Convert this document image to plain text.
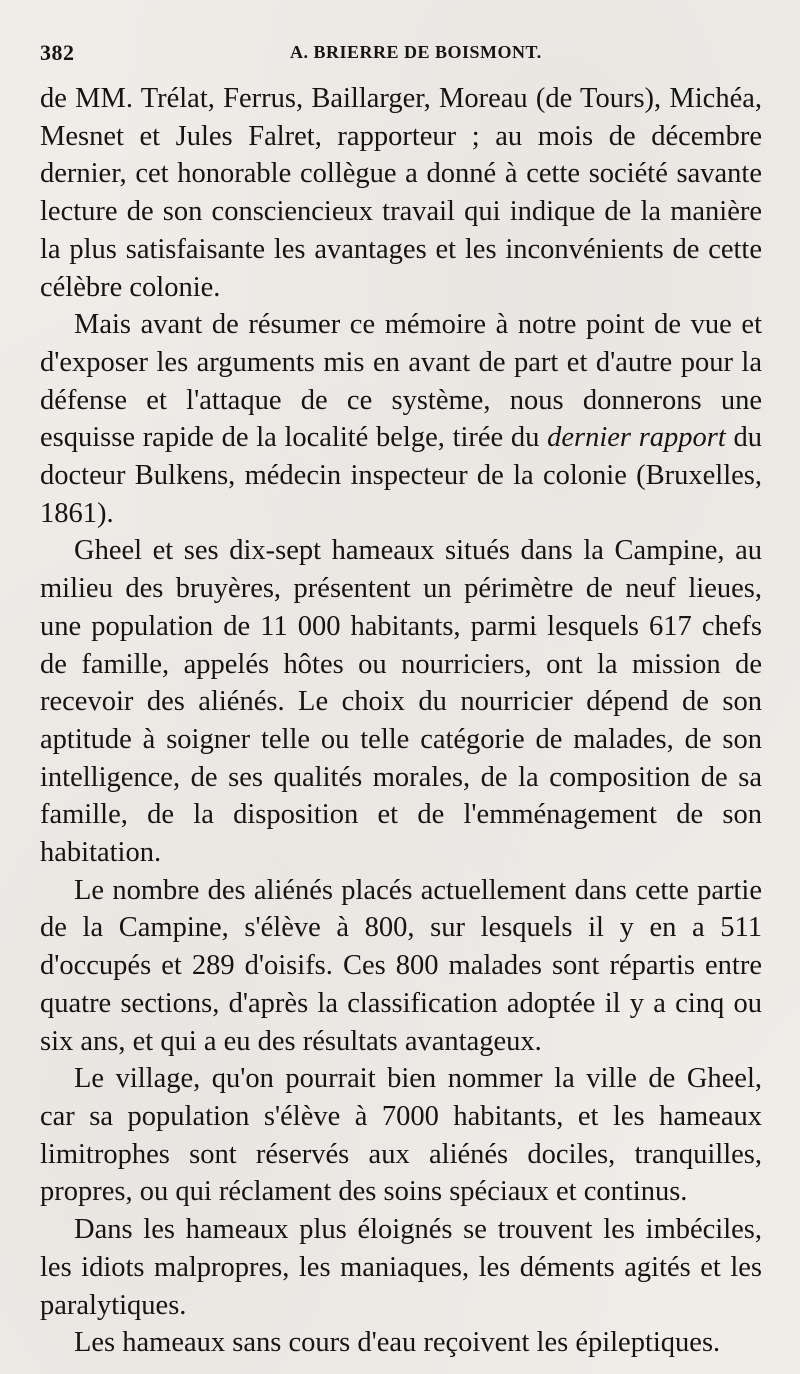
382	A. BRIERRE DE BOISMONT.

de MM. Trélat, Ferrus, Baillarger, Moreau (de Tours), Michéa, Mesnet et Jules Falret, rapporteur ; au mois de décembre dernier, cet honorable collègue a donné à cette société savante lecture de son consciencieux travail qui indique de la manière la plus satisfaisante les avantages et les inconvénients de cette célèbre colonie.

Mais avant de résumer ce mémoire à notre point de vue et d'exposer les arguments mis en avant de part et d'autre pour la défense et l'attaque de ce système, nous donnerons une esquisse rapide de la localité belge, tirée du dernier rapport du docteur Bulkens, médecin inspecteur de la colonie (Bruxelles, 1861).

Gheel et ses dix-sept hameaux situés dans la Campine, au milieu des bruyères, présentent un périmètre de neuf lieues, une population de 11 000 habitants, parmi lesquels 617 chefs de famille, appelés hôtes ou nourriciers, ont la mission de recevoir des aliénés. Le choix du nourricier dépend de son aptitude à soigner telle ou telle catégorie de malades, de son intelligence, de ses qualités morales, de la composition de sa famille, de la disposition et de l'emménagement de son habitation.

Le nombre des aliénés placés actuellement dans cette partie de la Campine, s'élève à 800, sur lesquels il y en a 511 d'occupés et 289 d'oisifs. Ces 800 malades sont répartis entre quatre sections, d'après la classification adoptée il y a cinq ou six ans, et qui a eu des résultats avantageux.

Le village, qu'on pourrait bien nommer la ville de Gheel, car sa population s'élève à 7000 habitants, et les hameaux limitrophes sont réservés aux aliénés dociles, tranquilles, propres, ou qui réclament des soins spéciaux et continus.

Dans les hameaux plus éloignés se trouvent les imbéciles, les idiots malpropres, les maniaques, les déments agités et les paralytiques.

Les hameaux sans cours d'eau reçoivent les épileptiques.
